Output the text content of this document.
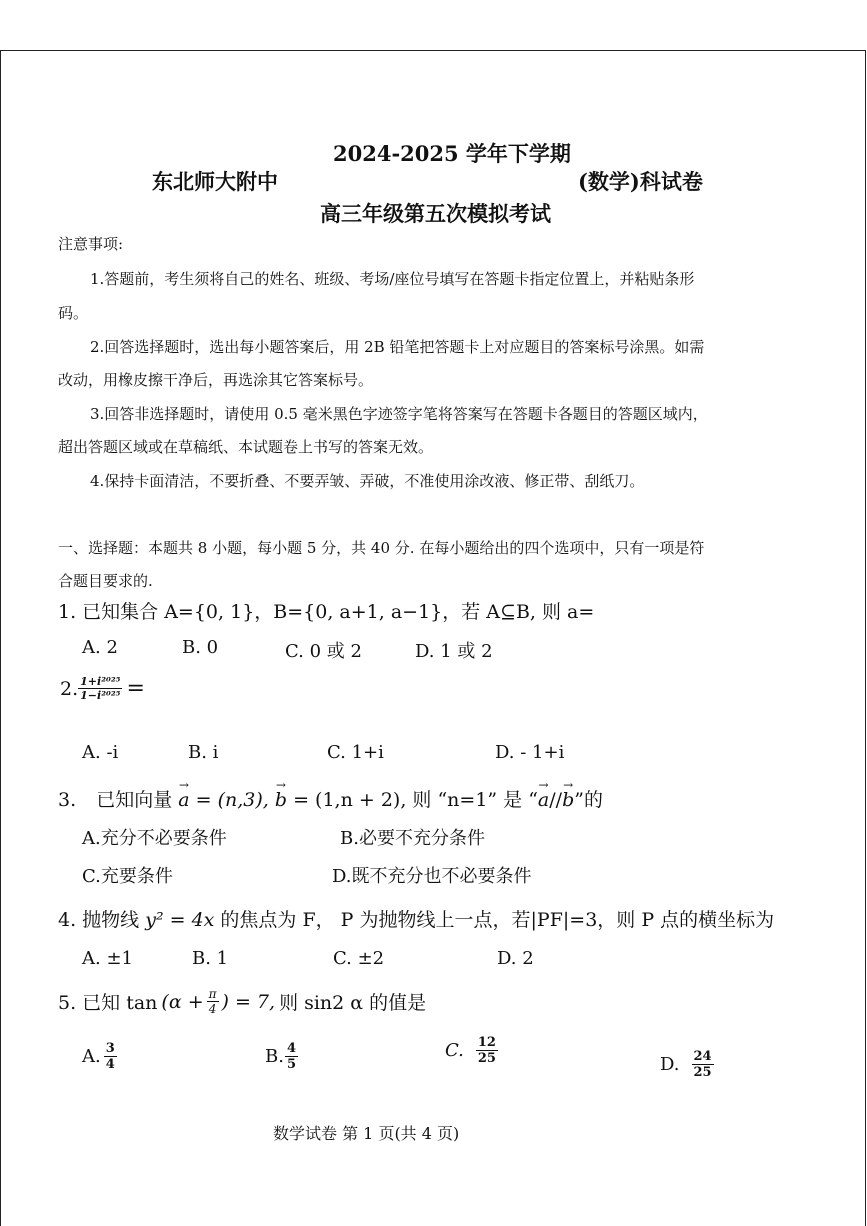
2024-2025 学年下学期
东北师大附中	(数学)科试卷
高三年级第五次模拟考试
注意事项:
1.答题前，考生须将自己的姓名、班级、考场/座位号填写在答题卡指定位置上，并粘贴条形
码。
2.回答选择题时，选出每小题答案后，用 2B 铅笔把答题卡上对应题目的答案标号涂黑。如需
改动，用橡皮擦干净后，再选涂其它答案标号。
3.回答非选择题时，请使用 0.5 毫米黑色字迹签字笔将答案写在答题卡各题目的答题区域内，
超出答题区域或在草稿纸、本试题卷上书写的答案无效。
4.保持卡面清洁，不要折叠、不要弄皱、弄破，不准使用涂改液、修正带、刮纸刀。
一、选择题：本题共 8 小题，每小题 5 分，共 40 分. 在每小题给出的四个选项中，只有一项是符
合题目要求的.
1. 已知集合 A={0, 1}，B={0, a+1, a−1}，若 A⊆B, 则 a=
A. 2	B. 0	C. 0 或 2	D. 1 或 2
2. $\frac{\text{1+i²⁰²⁵}}{\text{1−i²⁰²⁵}}$ =
A. -i	B. i	C. 1+i	D. - 1+i
3. 已知向量 → a = (n,3), → b = (1,n + 2), 则 “n=1” 是 “→ a//→ b”的
A.充分不必要条件	B.必要不充分条件
C.充要条件	D.既不充分也不必要条件
4. 抛物线 y² = 4x 的焦点为 F， P 为抛物线上一点，若|PF|=3，则 P 点的横坐标为
A. ±1	B. 1	C. ±2	D. 2
5. 已知 $\tan (\alpha + \frac{\pi}{4}$ ) = 7, 则 sin2 α 的值是
A. $\frac{3}{4}$	B. $\frac{4}{5}$	C. $\frac{12}{25}$	D. $\frac{24}{25}$
数学试卷 第 1 页(共 4 页)
